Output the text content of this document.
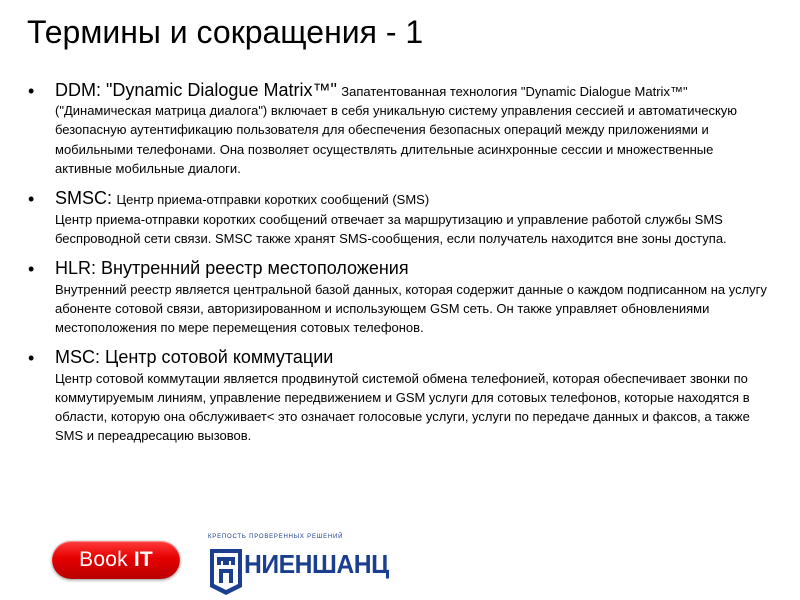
Термины и сокращения - 1
• DDM: "Dynamic Dialogue Matrix™" Запатентованная технология "Dynamic Dialogue Matrix™" ("Динамическая матрица диалога") включает в себя уникальную систему управления сессией и автоматическую безопасную аутентификацию пользователя для обеспечения безопасных операций между приложениями и мобильными телефонами. Она позволяет осуществлять длительные асинхронные сессии и множественные активные мобильные диалоги.
• SMSC: Центр приема-отправки коротких сообщений (SMS)
Центр приема-отправки коротких сообщений отвечает за маршрутизацию и управление работой службы SMS беспроводной сети связи. SMSC также хранят SMS-сообщения, если получатель находится вне зоны доступа.
• HLR: Внутренний реестр местоположения
Внутренний реестр является центральной базой данных, которая содержит данные о каждом подписанном на услугу абоненте сотовой связи, авторизированном и использующем GSM сеть. Он также управляет обновлениями местоположения по мере перемещения сотовых телефонов.
• MSC: Центр сотовой коммутации
Центр сотовой коммутации является продвинутой системой обмена телефонией, которая обеспечивает звонки по коммутируемым линиям, управление передвижением и GSM услуги для сотовых телефонов, которые находятся в области, которую она обслуживает< это означает голосовые услуги, услуги по передаче данных и факсов, а также SMS и переадресацию вызовов.
Book IT
КРЕПОСТЬ ПРОВЕРЕННЫХ РЕШЕНИЙ
НИЕНШАНЦ
